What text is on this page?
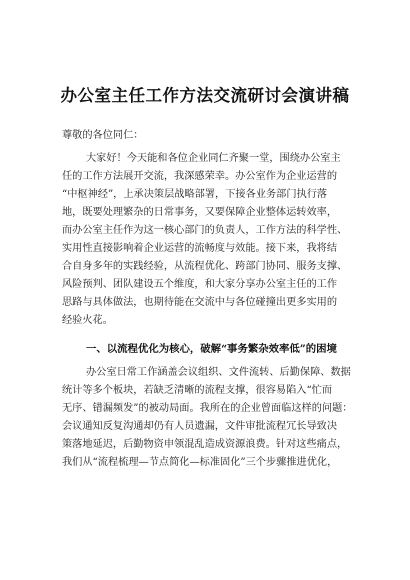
办公室主任工作方法交流研讨会演讲稿
尊敬的各位同仁：
大家好！今天能和各位企业同仁齐聚一堂，围绕办公室主
任的工作方法展开交流，我深感荣幸。办公室作为企业运营的
“中枢神经”，上承决策层战略部署，下接各业务部门执行落
地，既要处理繁杂的日常事务，又要保障企业整体运转效率，
而办公室主任作为这一核心部门的负责人，工作方法的科学性、
实用性直接影响着企业运营的流畅度与效能。接下来，我将结
合自身多年的实践经验，从流程优化、跨部门协同、服务支撑、
风险预判、团队建设五个维度，和大家分享办公室主任的工作
思路与具体做法，也期待能在交流中与各位碰撞出更多实用的
经验火花。
一、以流程优化为核心，破解“事务繁杂效率低”的困境
办公室日常工作涵盖会议组织、文件流转、后勤保障、数据
统计等多个板块，若缺乏清晰的流程支撑，很容易陷入“忙而
无序、错漏频发”的被动局面。我所在的企业曾面临这样的问题：
会议通知反复沟通却仍有人员遗漏，文件审批流程冗长导致决
策落地延迟，后勤物资申领混乱造成资源浪费。针对这些痛点，
我们从“流程梳理—节点简化—标准固化”三个步骤推进优化，
